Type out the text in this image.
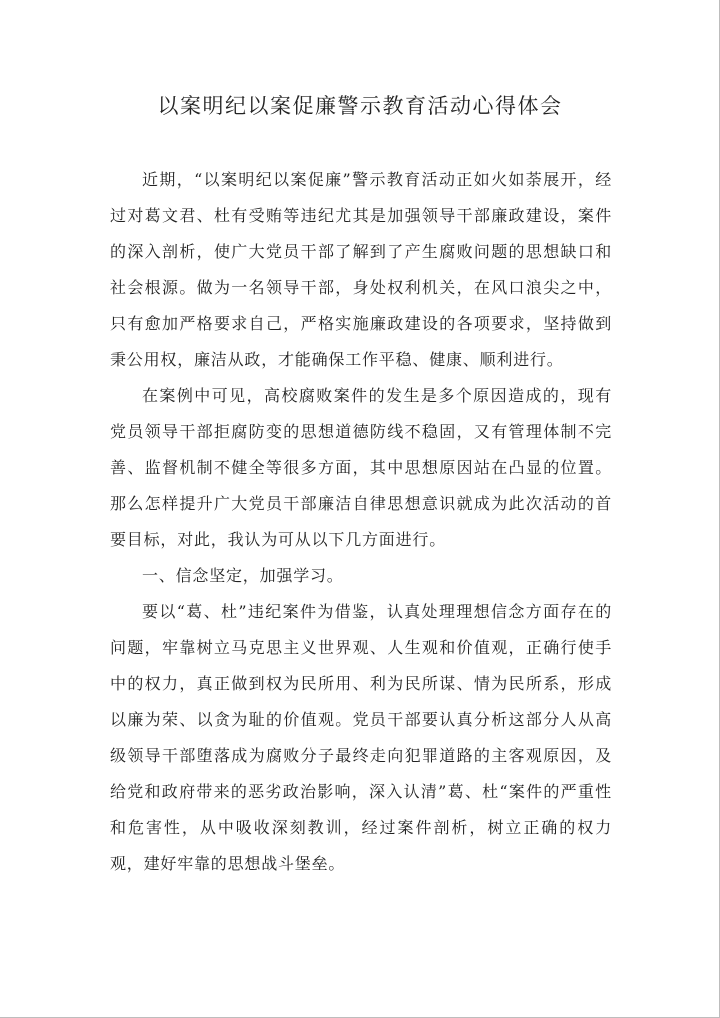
以案明纪以案促廉警示教育活动心得体会

近期，“以案明纪以案促廉”警示教育活动正如火如荼展开，经过对葛文君、杜有受贿等违纪尤其是加强领导干部廉政建设，案件的深入剖析，使广大党员干部了解到了产生腐败问题的思想缺口和社会根源。做为一名领导干部，身处权利机关，在风口浪尖之中，只有愈加严格要求自己，严格实施廉政建设的各项要求，坚持做到秉公用权，廉洁从政，才能确保工作平稳、健康、顺利进行。

在案例中可见，高校腐败案件的发生是多个原因造成的，现有党员领导干部拒腐防变的思想道德防线不稳固，又有管理体制不完善、监督机制不健全等很多方面，其中思想原因站在凸显的位置。那么怎样提升广大党员干部廉洁自律思想意识就成为此次活动的首要目标，对此，我认为可从以下几方面进行。

一、信念坚定，加强学习。

要以“葛、杜”违纪案件为借鉴，认真处理理想信念方面存在的问题，牢靠树立马克思主义世界观、人生观和价值观，正确行使手中的权力，真正做到权为民所用、利为民所谋、情为民所系，形成以廉为荣、以贪为耻的价值观。党员干部要认真分析这部分人从高级领导干部堕落成为腐败分子最终走向犯罪道路的主客观原因，及给党和政府带来的恶劣政治影响，深入认清”葛、杜“案件的严重性和危害性，从中吸收深刻教训，经过案件剖析，树立正确的权力观，建好牢靠的思想战斗堡垒。
